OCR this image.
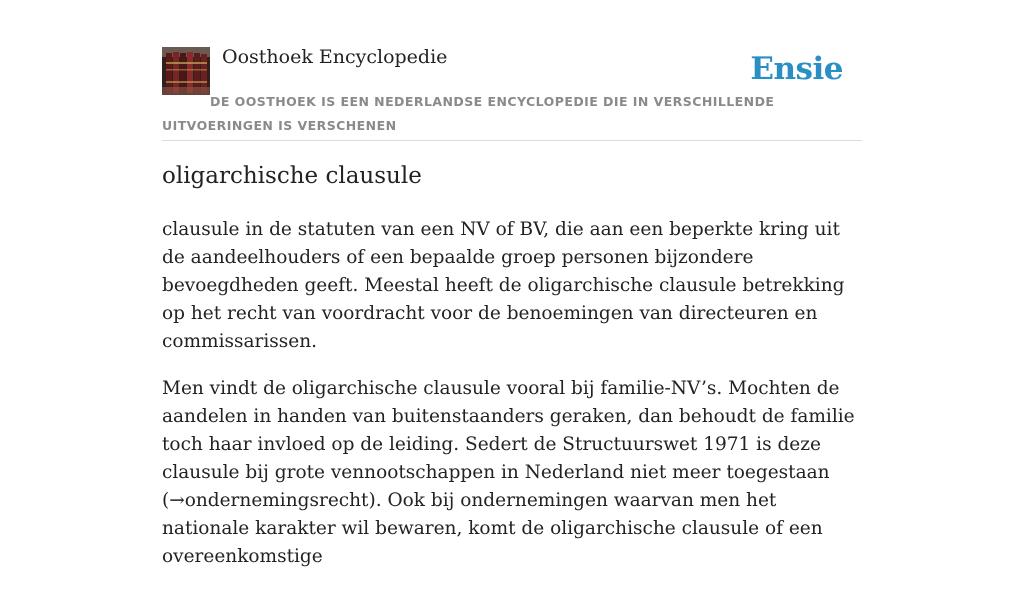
Oosthoek Encyclopedie	Ensie
DE OOSTHOEK IS EEN NEDERLANDSE ENCYCLOPEDIE DIE IN VERSCHILLENDE UITVOERINGEN IS VERSCHENEN
oligarchische clausule

clausule in de statuten van een NV of BV, die aan een beperkte kring uit de aandeelhouders of een bepaalde groep personen bijzondere bevoegdheden geeft. Meestal heeft de oligarchische clausule betrekking op het recht van voordracht voor de benoemingen van directeuren en commissarissen.

Men vindt de oligarchische clausule vooral bij familie-NV’s. Mochten de aandelen in handen van buitenstaanders geraken, dan behoudt de familie toch haar invloed op de leiding. Sedert de Structuurswet 1971 is deze clausule bij grote vennootschappen in Nederland niet meer toegestaan (→ondernemingsrecht). Ook bij ondernemingen waarvan men het nationale karakter wil bewaren, komt de oligarchische clausule of een overeenkomstige
